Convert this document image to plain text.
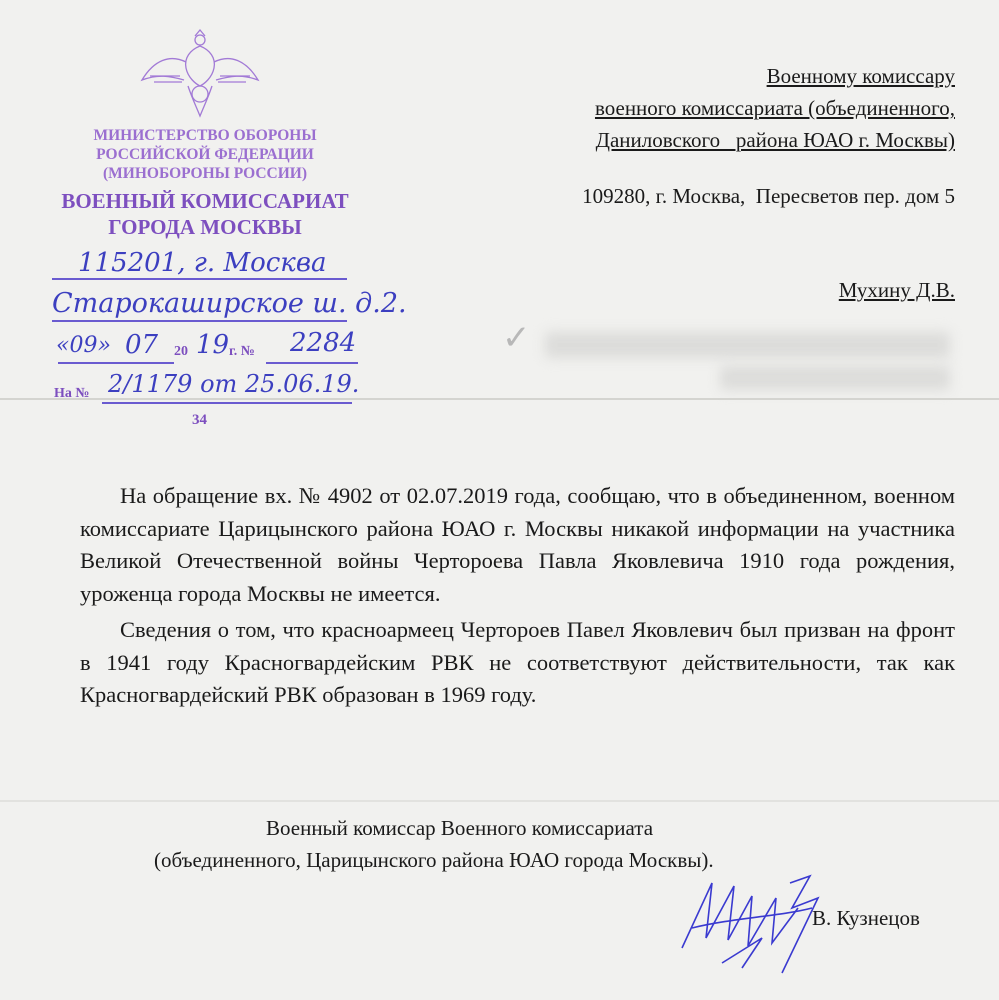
МИНИСТЕРСТВО ОБОРОНЫ
РОССИЙСКОЙ ФЕДЕРАЦИИ
(МИНОБОРОНЫ РОССИИ)
ВОЕННЫЙ КОМИССАРИАТ
ГОРОДА МОСКВЫ
115201, г. Москва
Старокаширское ш. д.2.
«09» 07 20 19 г. № 2284
На № 2/1179 от 25.06.19.
34
Военному комиссару
военного комиссариата (объединенного,
Даниловского   района ЮАО г. Москвы)
109280, г. Москва,  Пересветов пер. дом 5
Мухину Д.В.
✓

На обращение вх. № 4902 от 02.07.2019 года, сообщаю, что в объединенном, военном комиссариате Царицынского района ЮАО г. Москвы никакой информации на участника Великой Отечественной войны Черторoева Павла Яковлевича 1910 года рождения, уроженца города Москвы не имеется.

Сведения о том, что красноармеец Черторoев Павел Яковлевич был призван на фронт в 1941 году Красногвардейским РВК не соответствуют действительности, так как Красногвардейский РВК образован в 1969 году.

Военный комиссар Военного комиссариата
(объединенного, Царицынского района ЮАО города Москвы).
В. Кузнецов
